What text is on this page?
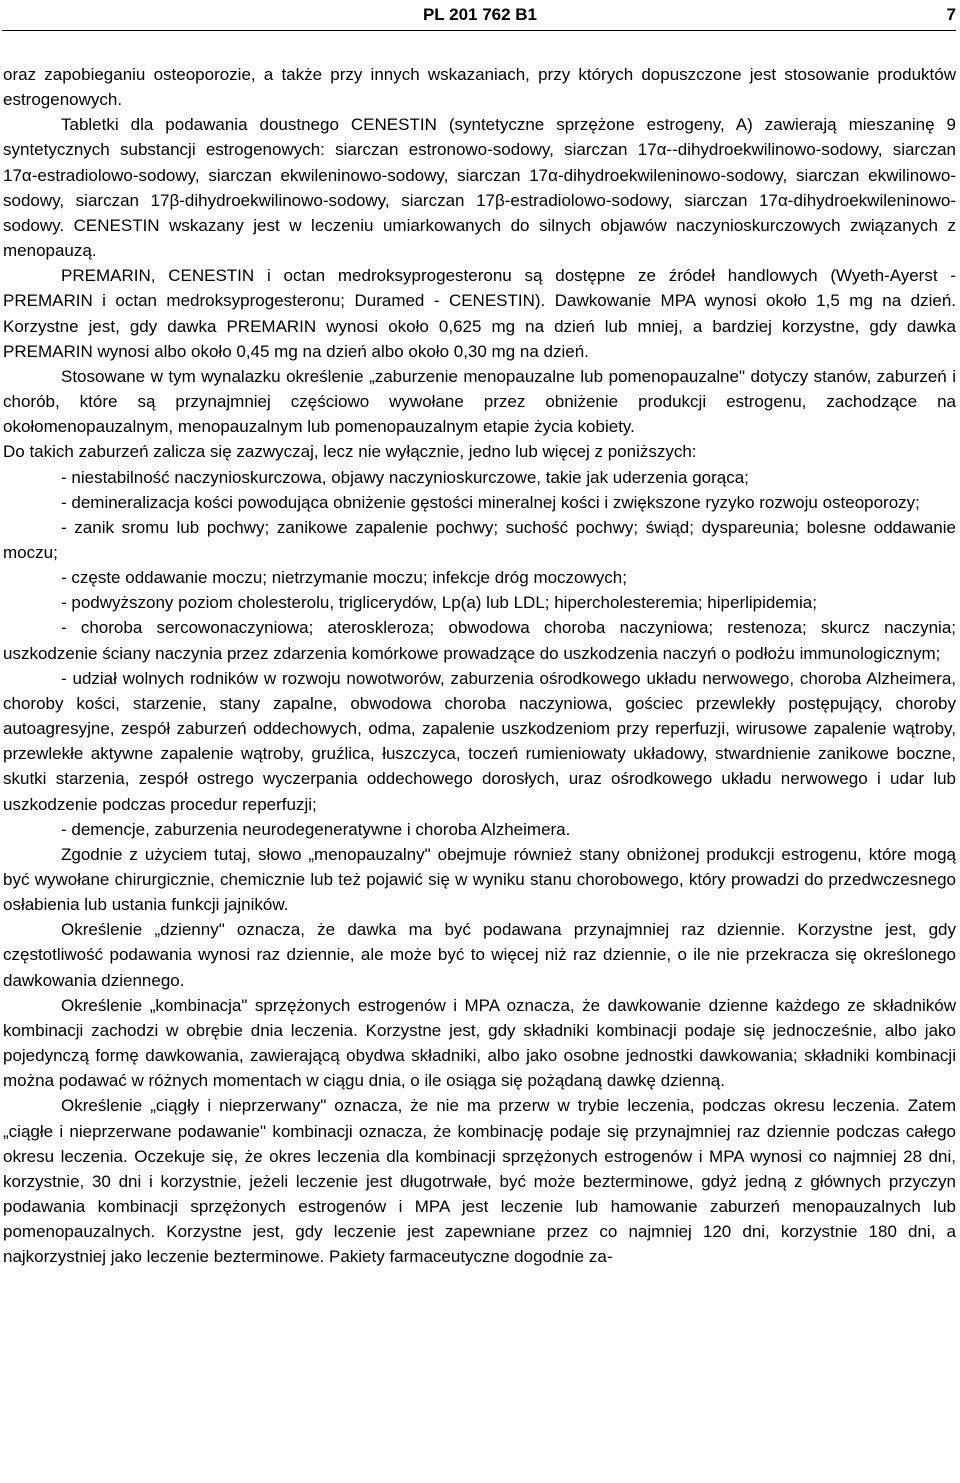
PL 201 762 B1	7

oraz zapobieganiu osteoporozie, a także przy innych wskazaniach, przy których dopuszczone jest stosowanie produktów estrogenowych.

Tabletki dla podawania doustnego CENESTIN (syntetyczne sprzężone estrogeny, A) zawierają mieszaninę 9 syntetycznych substancji estrogenowych: siarczan estronowo-sodowy, siarczan 17α--dihydroekwilinowo-sodowy, siarczan 17α-estradiolowo-sodowy, siarczan ekwileninowo-sodowy, siarczan 17α-dihydroekwileninowo-sodowy, siarczan ekwilinowo-sodowy, siarczan 17β-dihydroekwilinowo-sodowy, siarczan 17β-estradiolowo-sodowy, siarczan 17α-dihydroekwileninowo-sodowy. CENESTIN wskazany jest w leczeniu umiarkowanych do silnych objawów naczynioskurczowych związanych z menopauzą.

PREMARIN, CENESTIN i octan medroksyprogesteronu są dostępne ze źródeł handlowych (Wyeth-Ayerst - PREMARIN i octan medroksyprogesteronu; Duramed - CENESTIN). Dawkowanie MPA wynosi około 1,5 mg na dzień. Korzystne jest, gdy dawka PREMARIN wynosi około 0,625 mg na dzień lub mniej, a bardziej korzystne, gdy dawka PREMARIN wynosi albo około 0,45 mg na dzień albo około 0,30 mg na dzień.

Stosowane w tym wynalazku określenie „zaburzenie menopauzalne lub pomenopauzalne" dotyczy stanów, zaburzeń i chorób, które są przynajmniej częściowo wywołane przez obniżenie produkcji estrogenu, zachodzące na okołomenopauzalnym, menopauzalnym lub pomenopauzalnym etapie życia kobiety.

Do takich zaburzeń zalicza się zazwyczaj, lecz nie wyłącznie, jedno lub więcej z poniższych:

- niestabilność naczynioskurczowa, objawy naczynioskurczowe, takie jak uderzenia gorąca;

- demineralizacja kości powodująca obniżenie gęstości mineralnej kości i zwiększone ryzyko rozwoju osteoporozy;

- zanik sromu lub pochwy; zanikowe zapalenie pochwy; suchość pochwy; świąd; dyspareunia; bolesne oddawanie moczu;

- częste oddawanie moczu; nietrzymanie moczu; infekcje dróg moczowych;

- podwyższony poziom cholesterolu, triglicerydów, Lp(a) lub LDL; hipercholesteremia; hiperlipidemia;

- choroba sercowonaczyniowa; ateroskleroza; obwodowa choroba naczyniowa; restenoza; skurcz naczynia; uszkodzenie ściany naczynia przez zdarzenia komórkowe prowadzące do uszkodzenia naczyń o podłożu immunologicznym;

- udział wolnych rodników w rozwoju nowotworów, zaburzenia ośrodkowego układu nerwowego, choroba Alzheimera, choroby kości, starzenie, stany zapalne, obwodowa choroba naczyniowa, gościec przewlekły postępujący, choroby autoagresyjne, zespół zaburzeń oddechowych, odma, zapalenie uszkodzeniom przy reperfuzji, wirusowe zapalenie wątroby, przewlekłe aktywne zapalenie wątroby, gruźlica, łuszczyca, toczeń rumieniowaty układowy, stwardnienie zanikowe boczne, skutki starzenia, zespół ostrego wyczerpania oddechowego dorosłych, uraz ośrodkowego układu nerwowego i udar lub uszkodzenie podczas procedur reperfuzji;

- demencje, zaburzenia neurodegeneratywne i choroba Alzheimera.

Zgodnie z użyciem tutaj, słowo „menopauzalny" obejmuje również stany obniżonej produkcji estrogenu, które mogą być wywołane chirurgicznie, chemicznie lub też pojawić się w wyniku stanu chorobowego, który prowadzi do przedwczesnego osłabienia lub ustania funkcji jajników.

Określenie „dzienny" oznacza, że dawka ma być podawana przynajmniej raz dziennie. Korzystne jest, gdy częstotliwość podawania wynosi raz dziennie, ale może być to więcej niż raz dziennie, o ile nie przekracza się określonego dawkowania dziennego.

Określenie „kombinacja" sprzężonych estrogenów i MPA oznacza, że dawkowanie dzienne każdego ze składników kombinacji zachodzi w obrębie dnia leczenia. Korzystne jest, gdy składniki kombinacji podaje się jednocześnie, albo jako pojedynczą formę dawkowania, zawierającą obydwa składniki, albo jako osobne jednostki dawkowania; składniki kombinacji można podawać w różnych momentach w ciągu dnia, o ile osiąga się pożądaną dawkę dzienną.

Określenie „ciągły i nieprzerwany" oznacza, że nie ma przerw w trybie leczenia, podczas okresu leczenia. Zatem „ciągłe i nieprzerwane podawanie" kombinacji oznacza, że kombinację podaje się przynajmniej raz dziennie podczas całego okresu leczenia. Oczekuje się, że okres leczenia dla kombinacji sprzężonych estrogenów i MPA wynosi co najmniej 28 dni, korzystnie, 30 dni i korzystnie, jeżeli leczenie jest długotrwałe, być może bezterminowe, gdyż jedną z głównych przyczyn podawania kombinacji sprzężonych estrogenów i MPA jest leczenie lub hamowanie zaburzeń menopauzalnych lub pomenopauzalnych. Korzystne jest, gdy leczenie jest zapewniane przez co najmniej 120 dni, korzystnie 180 dni, a najkorzystniej jako leczenie bezterminowe. Pakiety farmaceutyczne dogodnie za-
